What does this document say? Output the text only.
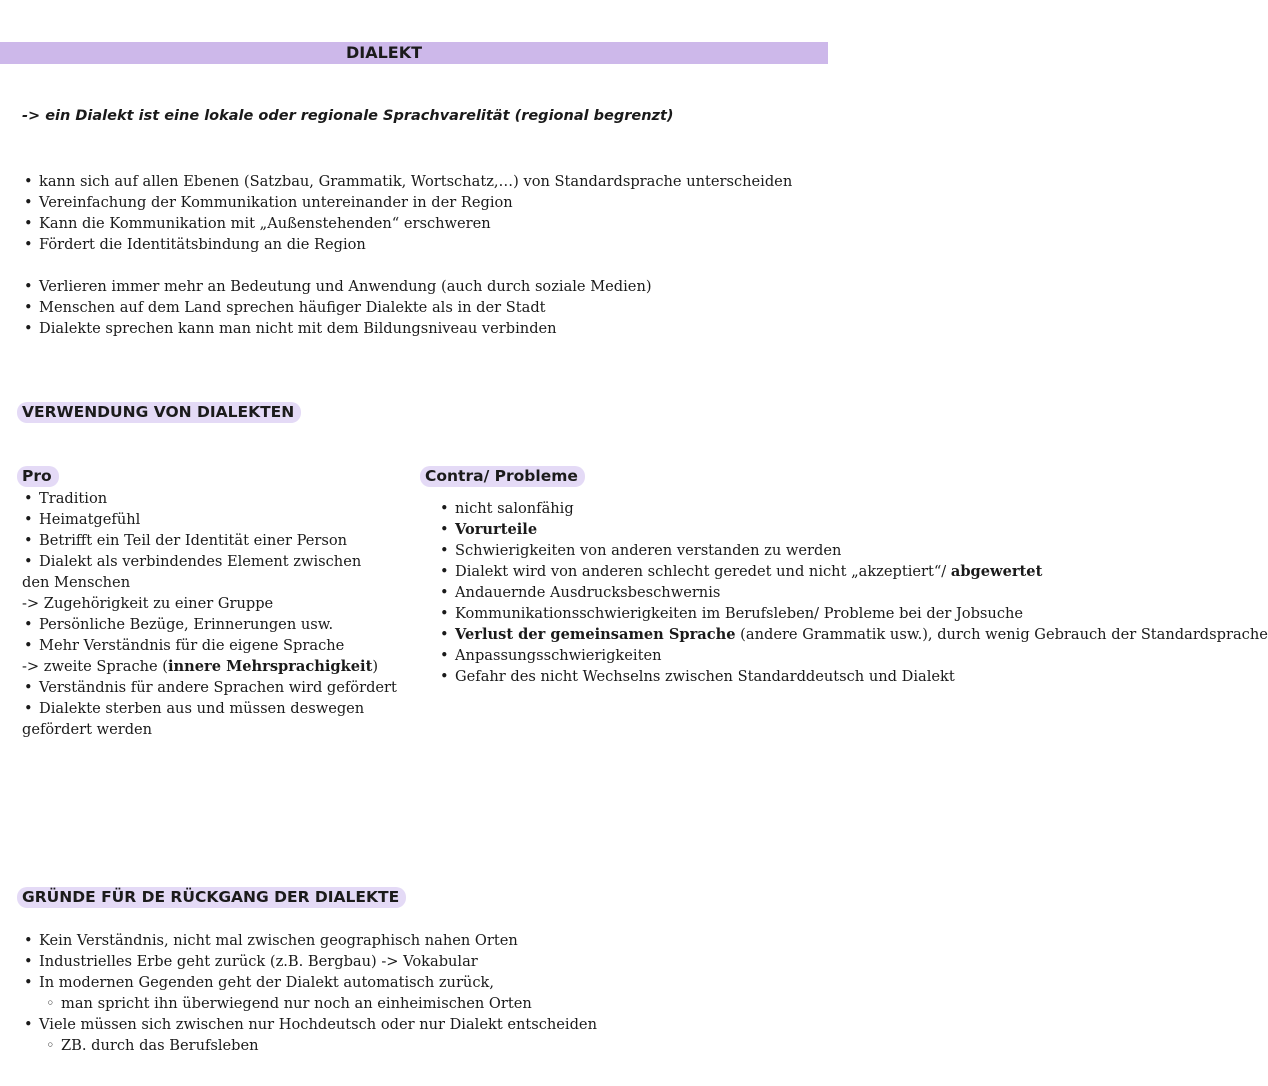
DIALEKT
-> ein Dialekt ist eine lokale oder regionale Sprachvarelität (regional begrenzt)
• kann sich auf allen Ebenen (Satzbau, Grammatik, Wortschatz,…) von Standardsprache unterscheiden
• Vereinfachung der Kommunikation untereinander in der Region
• Kann die Kommunikation mit „Außenstehenden“ erschweren
• Fördert die Identitätsbindung an die Region
• Verlieren immer mehr an Bedeutung und Anwendung (auch durch soziale Medien)
• Menschen auf dem Land sprechen häufiger Dialekte als in der Stadt
• Dialekte sprechen kann man nicht mit dem Bildungsniveau verbinden
VERWENDUNG VON DIALEKTEN
Pro
• Tradition
• Heimatgefühl
• Betrifft ein Teil der Identität einer Person
• Dialekt als verbindendes Element zwischen
den Menschen
-> Zugehörigkeit zu einer Gruppe
• Persönliche Bezüge, Erinnerungen usw.
• Mehr Verständnis für die eigene Sprache
-> zweite Sprache (innere Mehrsprachigkeit)
• Verständnis für andere Sprachen wird gefördert
• Dialekte sterben aus und müssen deswegen
gefördert werden
Contra/ Probleme
• nicht salonfähig
• Vorurteile
• Schwierigkeiten von anderen verstanden zu werden
• Dialekt wird von anderen schlecht geredet und nicht „akzeptiert“/ abgewertet
• Andauernde Ausdrucksbeschwernis
• Kommunikationsschwierigkeiten im Berufsleben/ Probleme bei der Jobsuche
• Verlust der gemeinsamen Sprache (andere Grammatik usw.), durch wenig Gebrauch der Standardsprache
• Anpassungsschwierigkeiten
• Gefahr des nicht Wechselns zwischen Standarddeutsch und Dialekt
GRÜNDE FÜR DE RÜCKGANG DER DIALEKTE
• Kein Verständnis, nicht mal zwischen geographisch nahen Orten
• Industrielles Erbe geht zurück (z.B. Bergbau) -> Vokabular
• In modernen Gegenden geht der Dialekt automatisch zurück,
◦ man spricht ihn überwiegend nur noch an einheimischen Orten
• Viele müssen sich zwischen nur Hochdeutsch oder nur Dialekt entscheiden
◦ ZB. durch das Berufsleben
